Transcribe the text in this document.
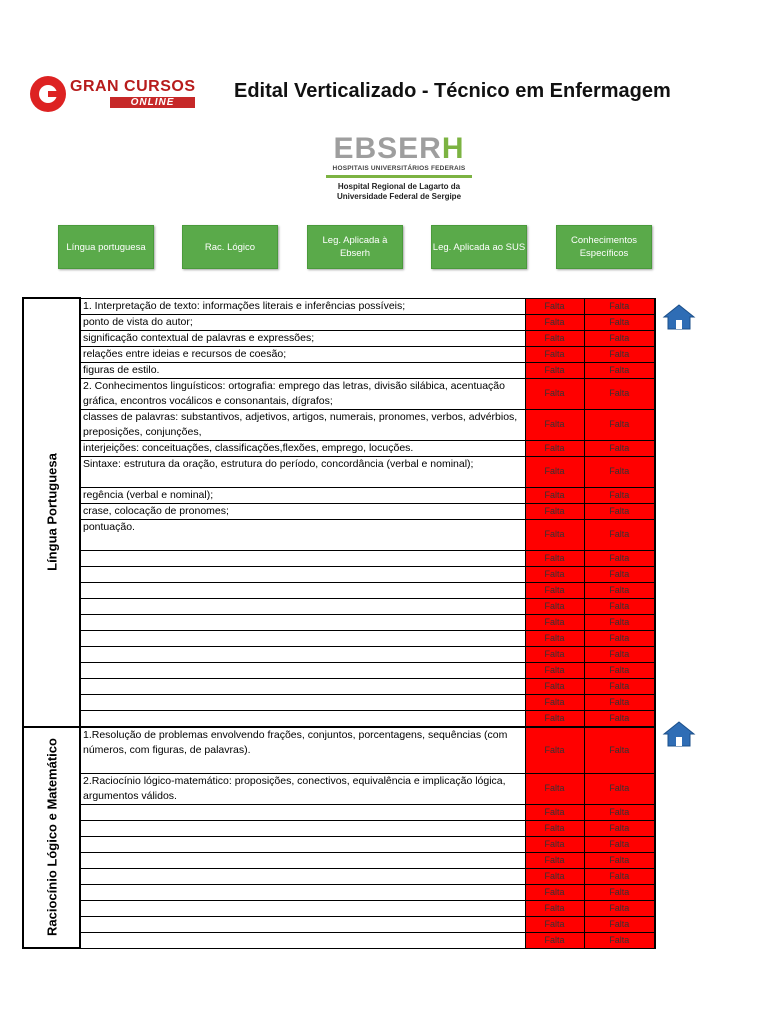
GRAN CURSOS
ONLINE
Edital Verticalizado - Técnico em Enfermagem
EBSERH
HOSPITAIS UNIVERSITÁRIOS FEDERAIS
Hospital Regional de Lagarto da
Universidade Federal de Sergipe
Língua portuguesa	Rac. Lógico
Leg. Aplicada à Ebserh
Leg. Aplicada ao SUS
Conhecimentos Específicos
Língua Portuguesa	1. Interpretação de texto: informações literais e inferências possíveis;	Falta	Falta
	ponto de vista do autor;	Falta	Falta
	significação contextual de palavras e expressões;	Falta	Falta
	relações entre ideias e recursos de coesão;	Falta	Falta
	figuras de estilo.	Falta	Falta
	2. Conhecimentos linguísticos: ortografia: emprego das letras, divisão silábica, acentuação gráfica, encontros vocálicos e consonantais, dígrafos;	Falta	Falta
	classes de palavras: substantivos, adjetivos, artigos, numerais, pronomes, verbos, advérbios, preposições, conjunções,	Falta	Falta
	interjeições: conceituações, classificações,flexões, emprego, locuções.	Falta	Falta
	Sintaxe: estrutura da oração, estrutura do período, concordância (verbal e nominal);	Falta	Falta
	regência (verbal e nominal);	Falta	Falta
	crase, colocação de pronomes;	Falta	Falta
	pontuação.	Falta	Falta
		Falta	Falta
		Falta	Falta
		Falta	Falta
		Falta	Falta
		Falta	Falta
		Falta	Falta
		Falta	Falta
		Falta	Falta
		Falta	Falta
		Falta	Falta
		Falta	Falta

Raciocínio Lógico e Matemático	1.Resolução de problemas envolvendo frações, conjuntos, porcentagens, sequências (com números, com figuras, de palavras).	Falta	Falta
	2.Raciocínio lógico-matemático: proposições, conectivos, equivalência e implicação lógica, argumentos válidos.	Falta	Falta
		Falta	Falta
		Falta	Falta
		Falta	Falta
		Falta	Falta
		Falta	Falta
		Falta	Falta
		Falta	Falta
		Falta	Falta
		Falta	Falta
